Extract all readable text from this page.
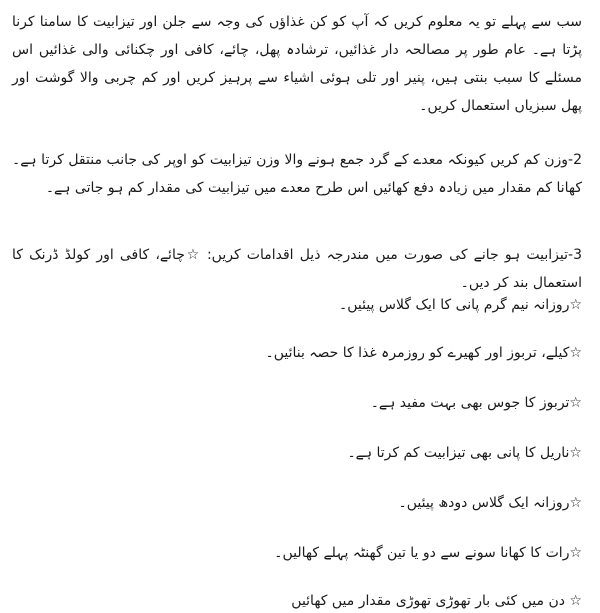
سب سے پہلے تو یہ معلوم کریں کہ آپ کو کن غذاؤں کی وجہ سے جلن اور تیزابیت کا سامنا کرنا پڑتا ہے۔ عام طور پر مصالحہ دار غذائیں، ترشادہ پھل، چائے، کافی اور چکنائی والی غذائیں اس مسئلے کا سبب بنتی ہیں، پنیر اور تلی ہوئی اشیاء سے پرہیز کریں اور کم چربی والا گوشت اور پھل سبزیاں استعمال کریں۔

2-وزن کم کریں کیونکہ معدے کے گرد جمع ہونے والا وزن تیزابیت کو اوپر کی جانب منتقل کرتا ہے۔ کھانا کم مقدار میں زیادہ دفع کھائیں اس طرح معدے میں تیزابیت کی مقدار کم ہو جاتی ہے۔

3-تیزابیت ہو جانے کی صورت میں مندرجہ ذیل اقدامات کریں: ☆چائے، کافی اور کولڈ ڈرنک کا استعمال بند کر دیں۔

☆روزانہ نیم گرم پانی کا ایک گلاس پیئیں۔

☆کیلے، تربوز اور کھیرے کو روزمرہ غذا کا حصہ بنائیں۔

☆تربوز کا جوس بھی بہت مفید ہے۔

☆ناریل کا پانی بھی تیزابیت کم کرتا ہے۔

☆روزانہ ایک گلاس دودھ پیئیں۔

☆رات کا کھانا سونے سے دو یا تین گھنٹہ پہلے کھالیں۔

☆ دن میں کئی بار تھوڑی تھوڑی مقدار میں کھائیں
